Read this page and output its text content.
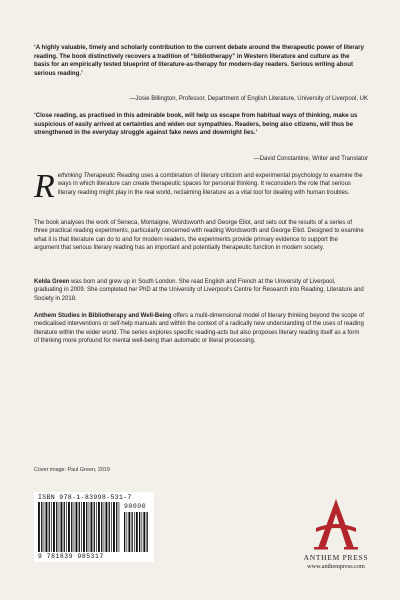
‘A highly valuable, timely and scholarly contribution to the current debate around the therapeutic power of literary reading. The book distinctively recovers a tradition of “bibliotherapy” in Western literature and culture as the basis for an empirically tested blueprint of literature-as-therapy for modern-day readers. Serious writing about serious reading.’

—Josie Billington, Professor, Department of English Literature, University of Liverpool, UK

‘Close reading, as practised in this admirable book, will help us escape from habitual ways of thinking, make us suspicious of easily arrived at certainties and widen our sympathies. Readers, being also citizens, will thus be strengthened in the everyday struggle against fake news and downright lies.’

—David Constantine, Writer and Translator

Rethinking Therapeutic Reading uses a combination of literary criticism and experimental psychology to examine the ways in which literature can create therapeutic spaces for personal thinking. It reconsiders the role that serious literary reading might play in the real world, reclaiming literature as a vital tool for dealing with human troubles.

The book analyses the work of Seneca, Montaigne, Wordsworth and George Eliot, and sets out the results of a series of three practical reading experiments, particularly concerned with reading Wordsworth and George Eliot. Designed to examine what it is that literature can do to and for modern readers, the experiments provide primary evidence to support the argument that serious literary reading has an important and potentially therapeutic function in modern society.

Kelda Green was born and grew up in South London. She read English and French at the University of Liverpool, graduating in 2009. She completed her PhD at the University of Liverpool’s Centre for Research into Reading, Literature and Society in 2018.

Anthem Studies in Bibliotherapy and Well-Being offers a multi-dimensional model of literary thinking beyond the scope of medicalised interventions or self-help manuals and within the context of a radically new understanding of the uses of reading literature within the wider world. The series explores specific reading-acts but also proposes literary reading itself as a form of thinking more profound for mental well-being than automatic or literal processing.

Cover image: Paul Green, 2019

ISBN 978-1-83998-531-7

90000

9 781839 985317	ANTHEM PRESS

www.anthempress.com
